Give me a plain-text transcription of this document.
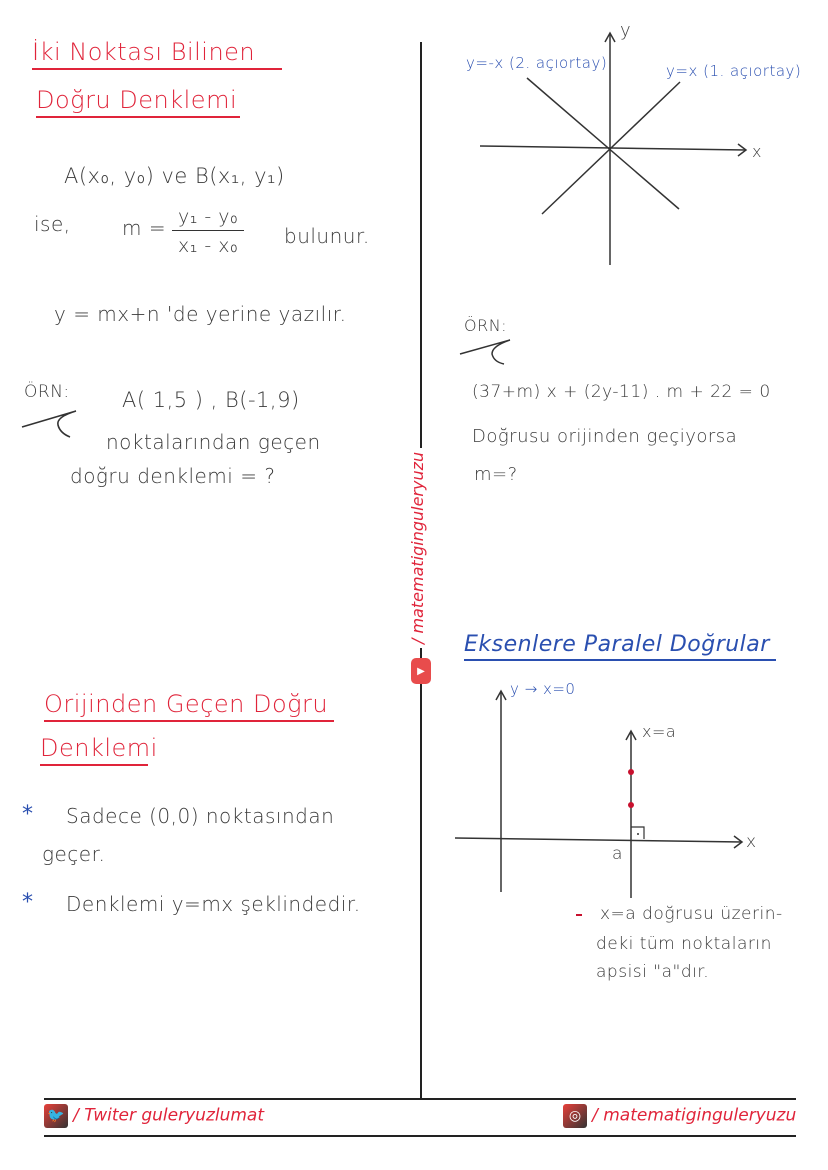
/ matematiginguleryuzu
▶
İki Noktası Bilinen
Doğru Denklemi
A(x₀, y₀) ve B(x₁, y₁)
ise,	$m = \frac{\text{y₁ - y₀}}{\text{x₁ - x₀}}$ bulunur.
y = mx+n 'de yerine yazılır.
ÖRN: A( 1,5 ) , B(-1,9)
noktalarından geçen
doğru denklemi = ?
Orijinden Geçen Doğru
Denklemi
* Sadece (0,0) noktasından
geçer.
* Denklemi y=mx şeklindedir.
y
x
y=-x (2. açıortay)	y=x (1. açıortay)
ÖRN:
(37+m) x + (2y-11) . m + 22 = 0
Doğrusu orijinden geçiyorsa
m=?
Eksenlere Paralel Doğrular
y → x=0
x=a
x
a
x=a doğrusu üzerin-
deki tüm noktaların
apsisi "a"dır.
🐦 / Twiter guleryuzlumat	◎ / matematiginguleryuzu
